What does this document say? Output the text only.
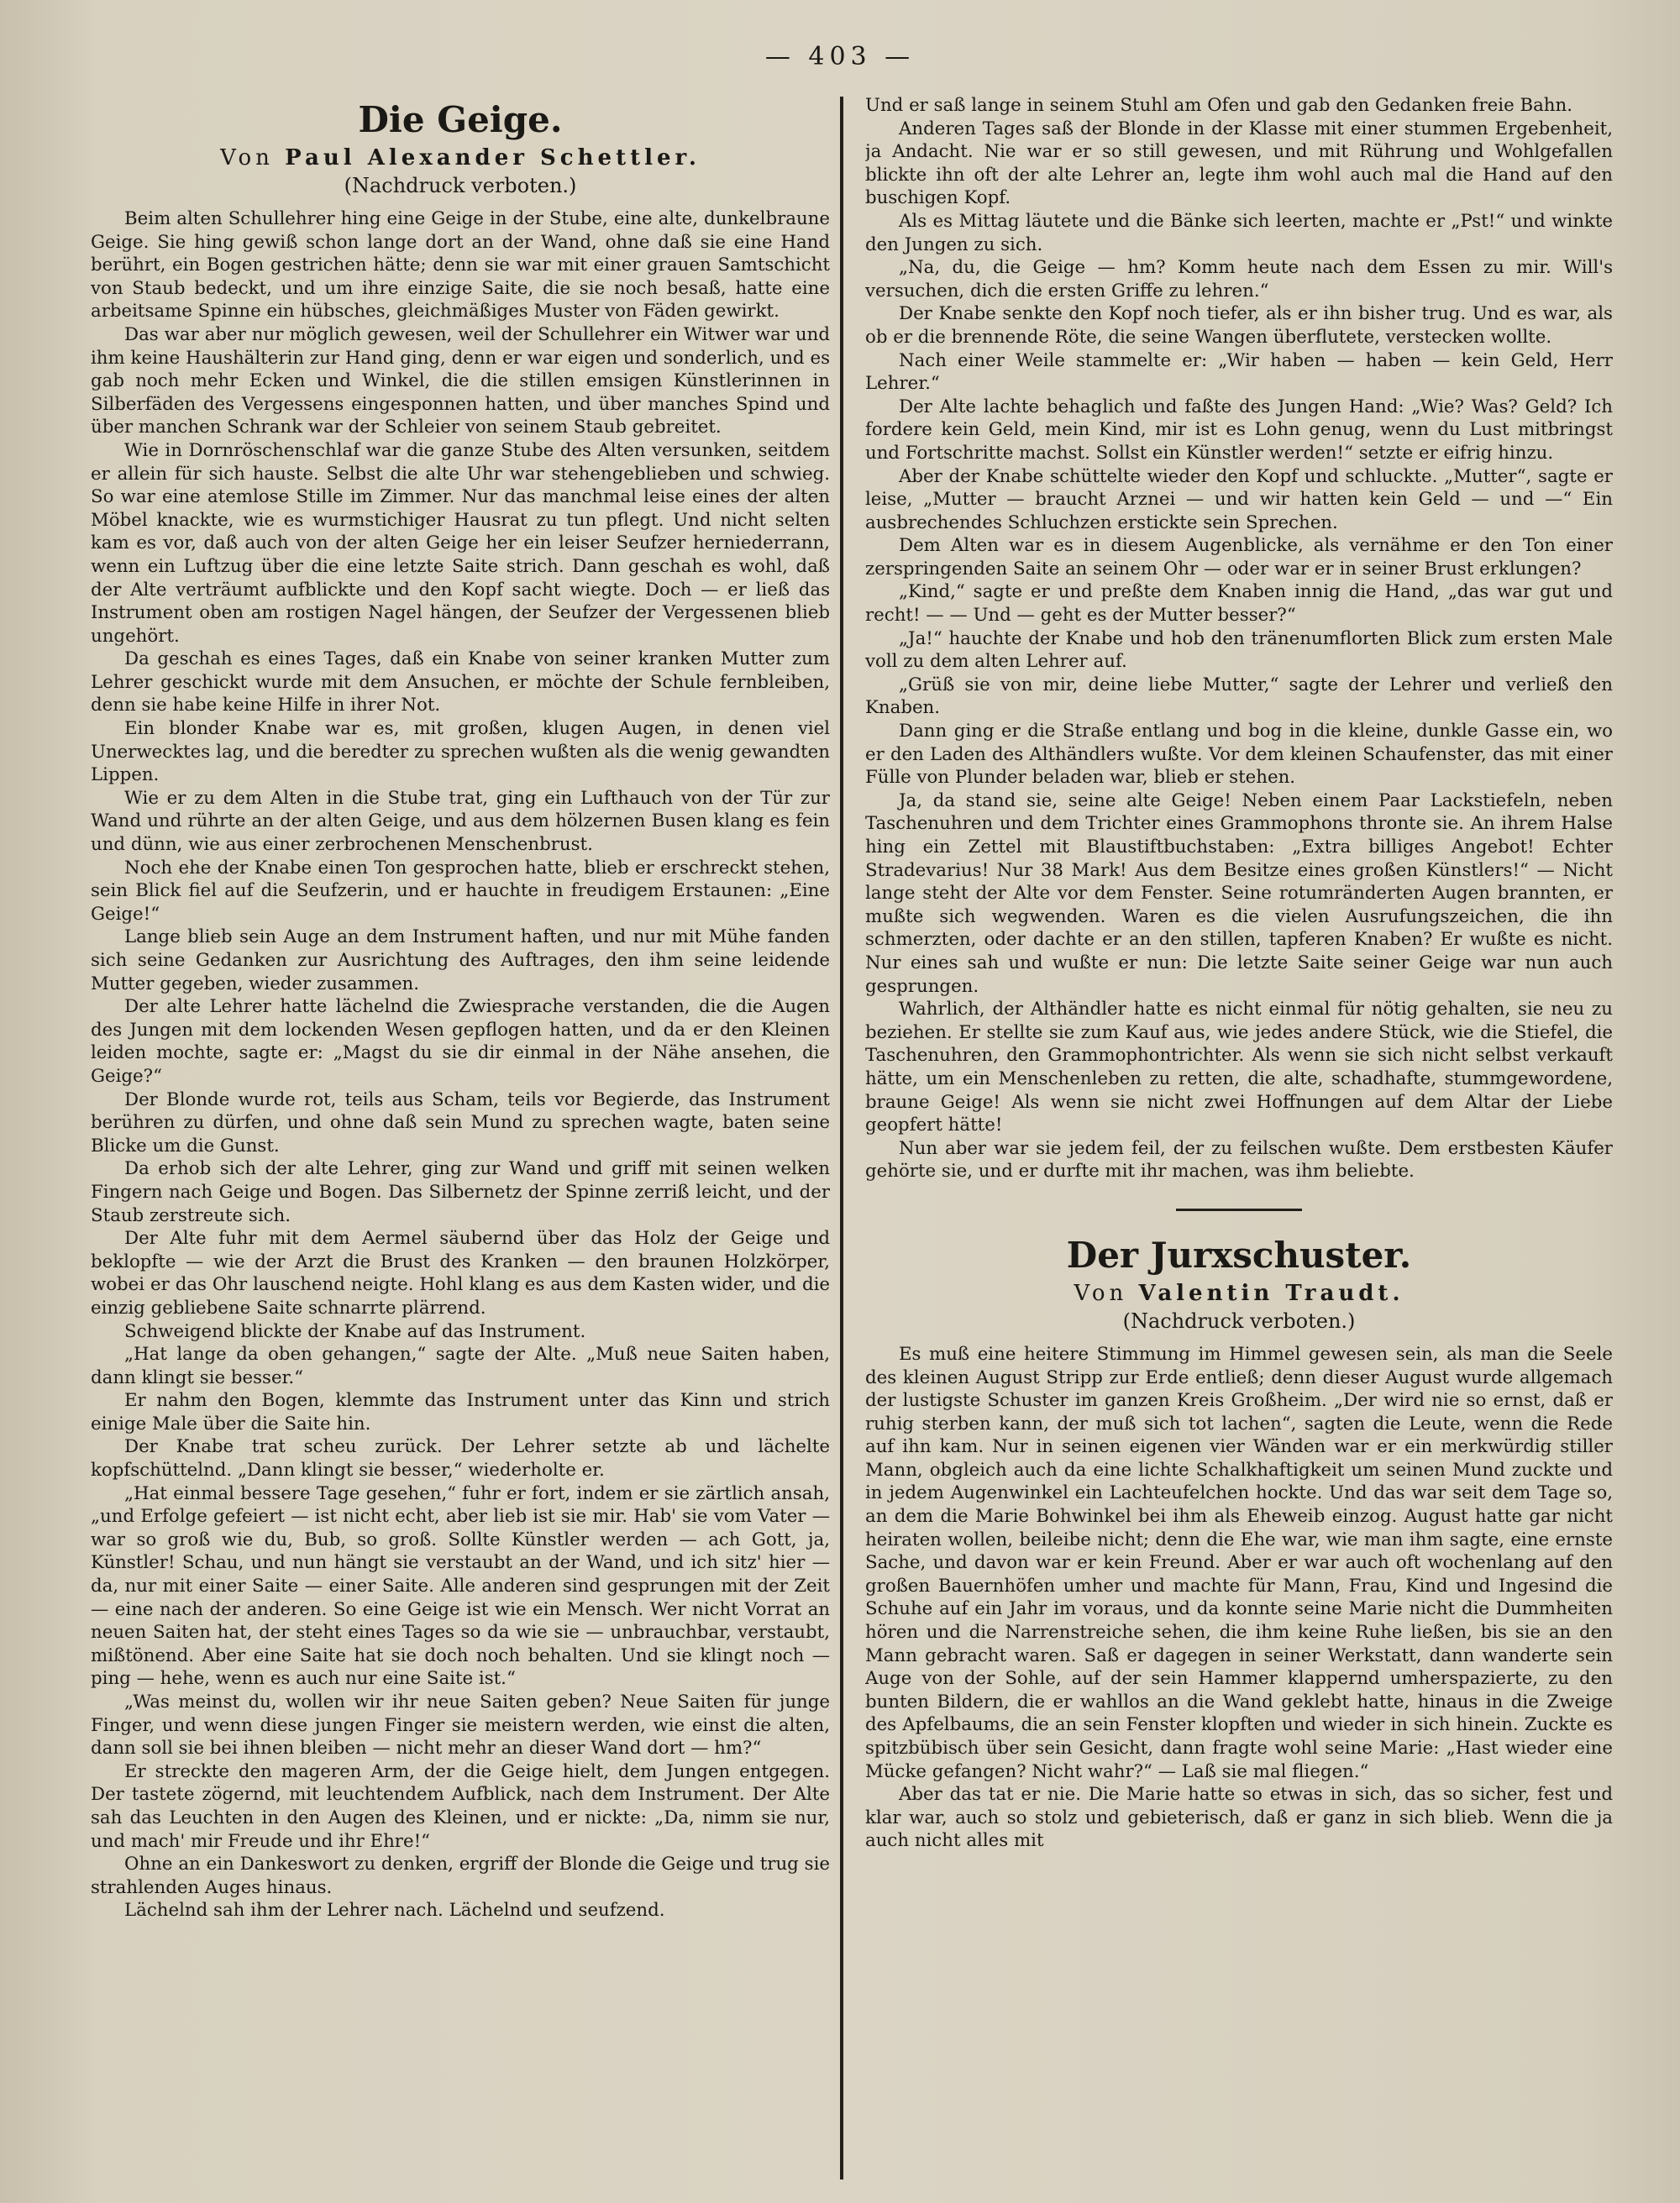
— 403 —
Die Geige.
Von Paul Alexander Schettler.
(Nachdruck verboten.)

Beim alten Schullehrer hing eine Geige in der Stube, eine alte, dunkelbraune Geige. Sie hing gewiß schon lange dort an der Wand, ohne daß sie eine Hand berührt, ein Bogen gestrichen hätte; denn sie war mit einer grauen Samtschicht von Staub bedeckt, und um ihre einzige Saite, die sie noch besaß, hatte eine arbeitsame Spinne ein hübsches, gleichmäßiges Muster von Fäden gewirkt.

Das war aber nur möglich gewesen, weil der Schullehrer ein Witwer war und ihm keine Haushälterin zur Hand ging, denn er war eigen und sonderlich, und es gab noch mehr Ecken und Winkel, die die stillen emsigen Künstlerinnen in Silberfäden des Vergessens eingesponnen hatten, und über manches Spind und über manchen Schrank war der Schleier von seinem Staub gebreitet.

Wie in Dornröschenschlaf war die ganze Stube des Alten versunken, seitdem er allein für sich hauste. Selbst die alte Uhr war stehengeblieben und schwieg. So war eine atemlose Stille im Zimmer. Nur das manchmal leise eines der alten Möbel knackte, wie es wurmstichiger Hausrat zu tun pflegt. Und nicht selten kam es vor, daß auch von der alten Geige her ein leiser Seufzer herniederrann, wenn ein Luftzug über die eine letzte Saite strich. Dann geschah es wohl, daß der Alte verträumt aufblickte und den Kopf sacht wiegte. Doch — er ließ das Instrument oben am rostigen Nagel hängen, der Seufzer der Vergessenen blieb ungehört.

Da geschah es eines Tages, daß ein Knabe von seiner kranken Mutter zum Lehrer geschickt wurde mit dem Ansuchen, er möchte der Schule fernbleiben, denn sie habe keine Hilfe in ihrer Not.

Ein blonder Knabe war es, mit großen, klugen Augen, in denen viel Unerwecktes lag, und die beredter zu sprechen wußten als die wenig gewandten Lippen.

Wie er zu dem Alten in die Stube trat, ging ein Lufthauch von der Tür zur Wand und rührte an der alten Geige, und aus dem hölzernen Busen klang es fein und dünn, wie aus einer zerbrochenen Menschenbrust.

Noch ehe der Knabe einen Ton gesprochen hatte, blieb er erschreckt stehen, sein Blick fiel auf die Seufzerin, und er hauchte in freudigem Erstaunen: „Eine Geige!“

Lange blieb sein Auge an dem Instrument haften, und nur mit Mühe fanden sich seine Gedanken zur Ausrichtung des Auftrages, den ihm seine leidende Mutter gegeben, wieder zusammen.

Der alte Lehrer hatte lächelnd die Zwiesprache verstanden, die die Augen des Jungen mit dem lockenden Wesen gepflogen hatten, und da er den Kleinen leiden mochte, sagte er: „Magst du sie dir einmal in der Nähe ansehen, die Geige?“

Der Blonde wurde rot, teils aus Scham, teils vor Begierde, das Instrument berühren zu dürfen, und ohne daß sein Mund zu sprechen wagte, baten seine Blicke um die Gunst.

Da erhob sich der alte Lehrer, ging zur Wand und griff mit seinen welken Fingern nach Geige und Bogen. Das Silbernetz der Spinne zerriß leicht, und der Staub zerstreute sich.

Der Alte fuhr mit dem Aermel säubernd über das Holz der Geige und beklopfte — wie der Arzt die Brust des Kranken — den braunen Holzkörper, wobei er das Ohr lauschend neigte. Hohl klang es aus dem Kasten wider, und die einzig gebliebene Saite schnarrte plärrend.

Schweigend blickte der Knabe auf das Instrument.

„Hat lange da oben gehangen,“ sagte der Alte. „Muß neue Saiten haben, dann klingt sie besser.“

Er nahm den Bogen, klemmte das Instrument unter das Kinn und strich einige Male über die Saite hin.

Der Knabe trat scheu zurück. Der Lehrer setzte ab und lächelte kopfschüttelnd. „Dann klingt sie besser,“ wiederholte er.

„Hat einmal bessere Tage gesehen,“ fuhr er fort, indem er sie zärtlich ansah, „und Erfolge gefeiert — ist nicht echt, aber lieb ist sie mir. Hab' sie vom Vater — war so groß wie du, Bub, so groß. Sollte Künstler werden — ach Gott, ja, Künstler! Schau, und nun hängt sie verstaubt an der Wand, und ich sitz' hier — da, nur mit einer Saite — einer Saite. Alle anderen sind gesprungen mit der Zeit — eine nach der anderen. So eine Geige ist wie ein Mensch. Wer nicht Vorrat an neuen Saiten hat, der steht eines Tages so da wie sie — unbrauchbar, verstaubt, mißtönend. Aber eine Saite hat sie doch noch behalten. Und sie klingt noch — ping — hehe, wenn es auch nur eine Saite ist.“

„Was meinst du, wollen wir ihr neue Saiten geben? Neue Saiten für junge Finger, und wenn diese jungen Finger sie meistern werden, wie einst die alten, dann soll sie bei ihnen bleiben — nicht mehr an dieser Wand dort — hm?“

Er streckte den mageren Arm, der die Geige hielt, dem Jungen entgegen. Der tastete zögernd, mit leuchtendem Aufblick, nach dem Instrument. Der Alte sah das Leuchten in den Augen des Kleinen, und er nickte: „Da, nimm sie nur, und mach' mir Freude und ihr Ehre!“

Ohne an ein Dankeswort zu denken, ergriff der Blonde die Geige und trug sie strahlenden Auges hinaus.

Lächelnd sah ihm der Lehrer nach. Lächelnd und seufzend.

Und er saß lange in seinem Stuhl am Ofen und gab den Gedanken freie Bahn.

Anderen Tages saß der Blonde in der Klasse mit einer stummen Ergebenheit, ja Andacht. Nie war er so still gewesen, und mit Rührung und Wohlgefallen blickte ihn oft der alte Lehrer an, legte ihm wohl auch mal die Hand auf den buschigen Kopf.

Als es Mittag läutete und die Bänke sich leerten, machte er „Pst!“ und winkte den Jungen zu sich.

„Na, du, die Geige — hm? Komm heute nach dem Essen zu mir. Will's versuchen, dich die ersten Griffe zu lehren.“

Der Knabe senkte den Kopf noch tiefer, als er ihn bisher trug. Und es war, als ob er die brennende Röte, die seine Wangen überflutete, verstecken wollte.

Nach einer Weile stammelte er: „Wir haben — haben — kein Geld, Herr Lehrer.“

Der Alte lachte behaglich und faßte des Jungen Hand: „Wie? Was? Geld? Ich fordere kein Geld, mein Kind, mir ist es Lohn genug, wenn du Lust mitbringst und Fortschritte machst. Sollst ein Künstler werden!“ setzte er eifrig hinzu.

Aber der Knabe schüttelte wieder den Kopf und schluckte. „Mutter“, sagte er leise, „Mutter — braucht Arznei — und wir hatten kein Geld — und —“ Ein ausbrechendes Schluchzen erstickte sein Sprechen.

Dem Alten war es in diesem Augenblicke, als vernähme er den Ton einer zerspringenden Saite an seinem Ohr — oder war er in seiner Brust erklungen?

„Kind,“ sagte er und preßte dem Knaben innig die Hand, „das war gut und recht! — — Und — geht es der Mutter besser?“

„Ja!“ hauchte der Knabe und hob den tränenumflorten Blick zum ersten Male voll zu dem alten Lehrer auf.

„Grüß sie von mir, deine liebe Mutter,“ sagte der Lehrer und verließ den Knaben.

Dann ging er die Straße entlang und bog in die kleine, dunkle Gasse ein, wo er den Laden des Althändlers wußte. Vor dem kleinen Schaufenster, das mit einer Fülle von Plunder beladen war, blieb er stehen.

Ja, da stand sie, seine alte Geige! Neben einem Paar Lackstiefeln, neben Taschenuhren und dem Trichter eines Grammophons thronte sie. An ihrem Halse hing ein Zettel mit Blaustiftbuchstaben: „Extra billiges Angebot! Echter Stradevarius! Nur 38 Mark! Aus dem Besitze eines großen Künstlers!“ — Nicht lange steht der Alte vor dem Fenster. Seine rotumränderten Augen brannten, er mußte sich wegwenden. Waren es die vielen Ausrufungszeichen, die ihn schmerzten, oder dachte er an den stillen, tapferen Knaben? Er wußte es nicht. Nur eines sah und wußte er nun: Die letzte Saite seiner Geige war nun auch gesprungen.

Wahrlich, der Althändler hatte es nicht einmal für nötig gehalten, sie neu zu beziehen. Er stellte sie zum Kauf aus, wie jedes andere Stück, wie die Stiefel, die Taschenuhren, den Grammophontrichter. Als wenn sie sich nicht selbst verkauft hätte, um ein Menschenleben zu retten, die alte, schadhafte, stummgewordene, braune Geige! Als wenn sie nicht zwei Hoffnungen auf dem Altar der Liebe geopfert hätte!

Nun aber war sie jedem feil, der zu feilschen wußte. Dem erstbesten Käufer gehörte sie, und er durfte mit ihr machen, was ihm beliebte.

Der Jurxschuster.
Von Valentin Traudt.
(Nachdruck verboten.)

Es muß eine heitere Stimmung im Himmel gewesen sein, als man die Seele des kleinen August Stripp zur Erde entließ; denn dieser August wurde allgemach der lustigste Schuster im ganzen Kreis Großheim. „Der wird nie so ernst, daß er ruhig sterben kann, der muß sich tot lachen“, sagten die Leute, wenn die Rede auf ihn kam. Nur in seinen eigenen vier Wänden war er ein merkwürdig stiller Mann, obgleich auch da eine lichte Schalkhaftigkeit um seinen Mund zuckte und in jedem Augenwinkel ein Lachteufelchen hockte. Und das war seit dem Tage so, an dem die Marie Bohwinkel bei ihm als Eheweib einzog. August hatte gar nicht heiraten wollen, beileibe nicht; denn die Ehe war, wie man ihm sagte, eine ernste Sache, und davon war er kein Freund. Aber er war auch oft wochenlang auf den großen Bauernhöfen umher und machte für Mann, Frau, Kind und Ingesind die Schuhe auf ein Jahr im voraus, und da konnte seine Marie nicht die Dummheiten hören und die Narrenstreiche sehen, die ihm keine Ruhe ließen, bis sie an den Mann gebracht waren. Saß er dagegen in seiner Werkstatt, dann wanderte sein Auge von der Sohle, auf der sein Hammer klappernd umherspazierte, zu den bunten Bildern, die er wahllos an die Wand geklebt hatte, hinaus in die Zweige des Apfelbaums, die an sein Fenster klopften und wieder in sich hinein. Zuckte es spitzbübisch über sein Gesicht, dann fragte wohl seine Marie: „Hast wieder eine Mücke gefangen? Nicht wahr?“ — Laß sie mal fliegen.“

Aber das tat er nie. Die Marie hatte so etwas in sich, das so sicher, fest und klar war, auch so stolz und gebieterisch, daß er ganz in sich blieb. Wenn die ja auch nicht alles mit
